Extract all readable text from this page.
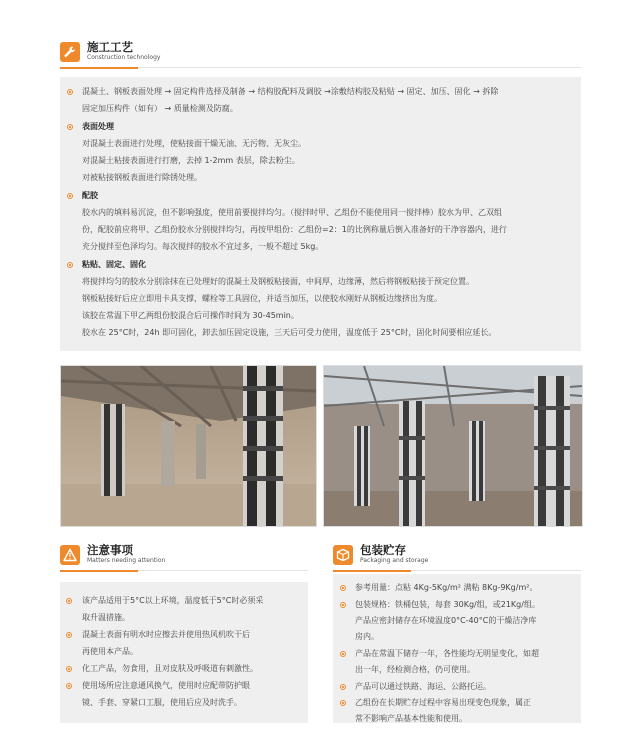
施工工艺
Construction technology
混凝土、钢板表面处理 → 固定构件选择及制备 → 结构胶配料及调胶 →涂敷结构胶及粘贴 → 固定、加压、固化 → 拆除
固定加压构件（如有） → 质量检测及防腐。
表面处理
对混凝土表面进行处理，使粘接面干燥无油、无污物、无灰尘。
对混凝土粘接表面进行打磨，去掉 1-2mm 表层，除去粉尘。
对被粘接钢板表面进行除锈处理。
配胶
胶水内的填料易沉淀，但不影响强度，使用前要搅拌均匀。（搅拌时甲、乙组份不能使用同一搅拌棒）胶水为甲、乙双组
份，配胶前应将甲、乙组份胶水分别搅拌均匀，再按甲组份：乙组份=2：1的比例称量后倒入准备好的干净容器内，进行
充分搅拌至色泽均匀。每次搅拌的胶水不宜过多，一般不超过 5kg。
粘贴、固定、固化
将搅拌均匀的胶水分别涂抹在已处理好的混凝土及钢板粘接面，中间厚，边缘薄，然后将钢板粘接于预定位置。
钢板粘接好后应立即用卡具支撑，螺栓等工具固位，并适当加压，以使胶水刚好从钢板边缘挤出为度。
该胶在常温下甲乙两组份胶混合后可操作时间为 30-45min。
胶水在 25°C时，24h 即可固化，卸去加压固定设施，三天后可受力使用，温度低于 25°C时，固化时间要相应延长。
注意事项
Matters needing attention
该产品适用于5°C以上环境，温度低于5°C时必须采
取升温措施。
混凝土表面有明水时应擦去并使用热风机吹干后
再使用本产品。
化工产品，勿食用，且对皮肤及呼吸道有刺激性。
使用场所应注意通风换气，使用时应配带防护眼
镜、手套、穿紧口工服，使用后应及时洗手。
包装贮存
Packaging and storage
参考用量：点粘 4Kg-5Kg/m² 满粘 8Kg-9Kg/m²。
包装规格：铁桶包装，每套 30Kg/组，或21Kg/组。
产品应密封储存在环境温度0°C-40°C的干燥洁净库
房内。
产品在常温下储存一年，各性能均无明显变化，如超
出一年，经检测合格，仍可使用。
产品可以通过铁路、海运、公路托运。
乙组份在长期贮存过程中容易出现变色现象，属正
常不影响产品基本性能和使用。
